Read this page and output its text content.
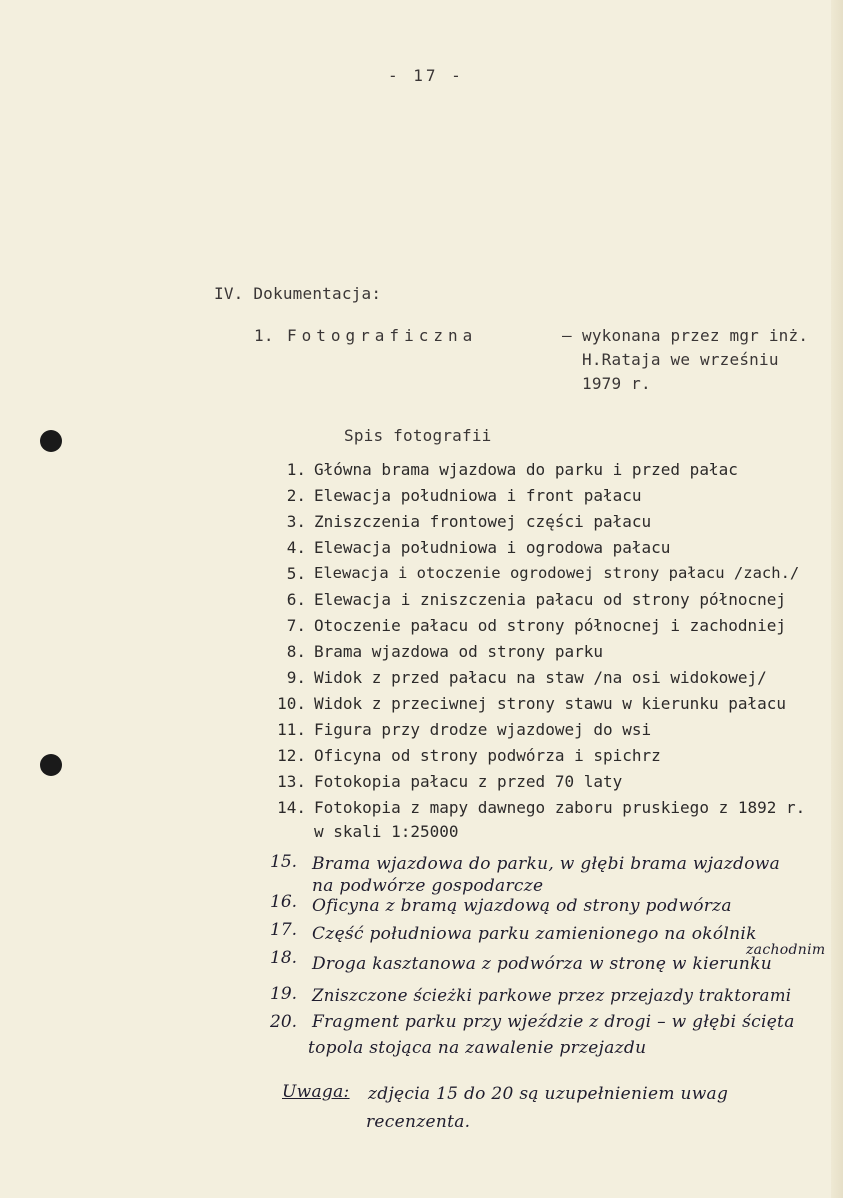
- 17 -
IV. Dokumentacja:
1. Fotograficzna	– wykonana przez mgr inż.
H.Rataja we wrześniu
1979 r.
Spis fotografii
1. Główna brama wjazdowa do parku i przed pałac
2. Elewacja południowa i front pałacu
3. Zniszczenia frontowej części pałacu
4. Elewacja południowa i ogrodowa pałacu
5. Elewacja i otoczenie ogrodowej strony pałacu /zach./
6. Elewacja i zniszczenia pałacu od strony północnej
7. Otoczenie pałacu od strony północnej i zachodniej
8. Brama wjazdowa od strony parku
9. Widok z przed pałacu na staw /na osi widokowej/
10. Widok z przeciwnej strony stawu w kierunku pałacu
11. Figura przy drodze wjazdowej do wsi
12. Oficyna od strony podwórza i spichrz
13. Fotokopia pałacu z przed 70 laty
14. Fotokopia z mapy dawnego zaboru pruskiego z 1892 r.
w skali 1:25000
15. Brama wjazdowa do parku, w głębi brama wjazdowa
na podwórze gospodarcze
16. Oficyna z bramą wjazdową od strony podwórza
17. Część południowa parku zamienionego na okólnik
18. Droga kasztanowa z podwórza w stronę w kierunku
zachodnim
19. Zniszczone ścieżki parkowe przez przejazdy traktorami
20. Fragment parku przy wjeździe z drogi – w głębi ścięta
topola stojąca na zawalenie przejazdu
Uwaga: zdjęcia 15 do 20 są uzupełnieniem uwag
recenzenta.
